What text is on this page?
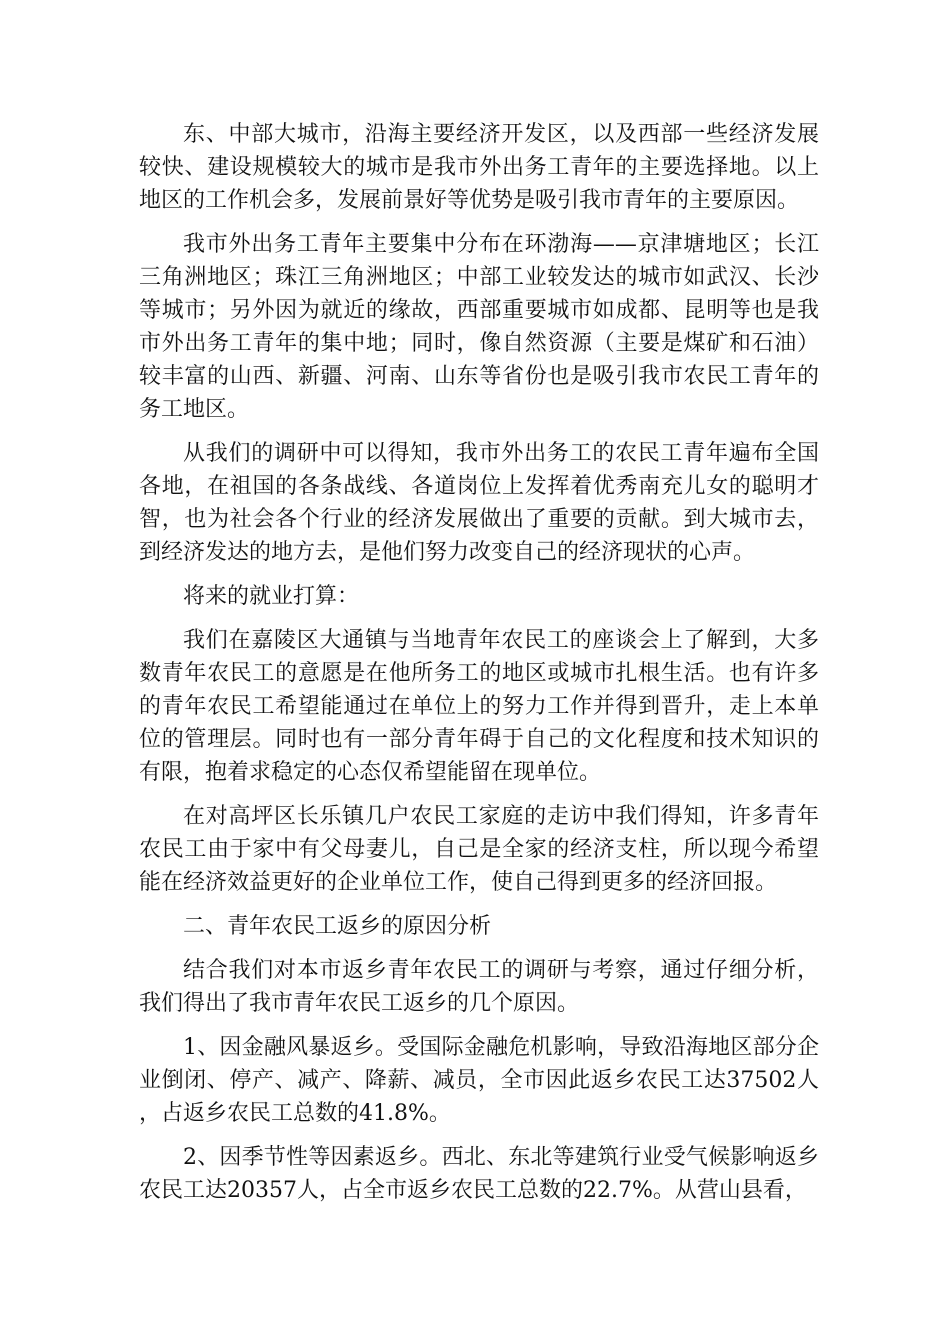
东、中部大城市，沿海主要经济开发区，以及西部一些经济发展较快、建设规模较大的城市是我市外出务工青年的主要选择地。以上地区的工作机会多，发展前景好等优势是吸引我市青年的主要原因。

我市外出务工青年主要集中分布在环渤海——京津塘地区；长江三角洲地区；珠江三角洲地区；中部工业较发达的城市如武汉、长沙等城市；另外因为就近的缘故，西部重要城市如成都、昆明等也是我市外出务工青年的集中地；同时，像自然资源（主要是煤矿和石油）较丰富的山西、新疆、河南、山东等省份也是吸引我市农民工青年的务工地区。

从我们的调研中可以得知，我市外出务工的农民工青年遍布全国各地，在祖国的各条战线、各道岗位上发挥着优秀南充儿女的聪明才智，也为社会各个行业的经济发展做出了重要的贡献。到大城市去，到经济发达的地方去，是他们努力改变自己的经济现状的心声。

将来的就业打算：

我们在嘉陵区大通镇与当地青年农民工的座谈会上了解到，大多数青年农民工的意愿是在他所务工的地区或城市扎根生活。也有许多的青年农民工希望能通过在单位上的努力工作并得到晋升，走上本单位的管理层。同时也有一部分青年碍于自己的文化程度和技术知识的有限，抱着求稳定的心态仅希望能留在现单位。

在对高坪区长乐镇几户农民工家庭的走访中我们得知，许多青年农民工由于家中有父母妻儿，自己是全家的经济支柱，所以现今希望能在经济效益更好的企业单位工作，使自己得到更多的经济回报。

二、青年农民工返乡的原因分析

结合我们对本市返乡青年农民工的调研与考察，通过仔细分析，我们得出了我市青年农民工返乡的几个原因。

1、因金融风暴返乡。受国际金融危机影响，导致沿海地区部分企业倒闭、停产、减产、降薪、减员，全市因此返乡农民工达37502人，占返乡农民工总数的41.8%。

2、因季节性等因素返乡。西北、东北等建筑行业受气候影响返乡农民工达20357人，占全市返乡农民工总数的22.7%。从营山县看，
